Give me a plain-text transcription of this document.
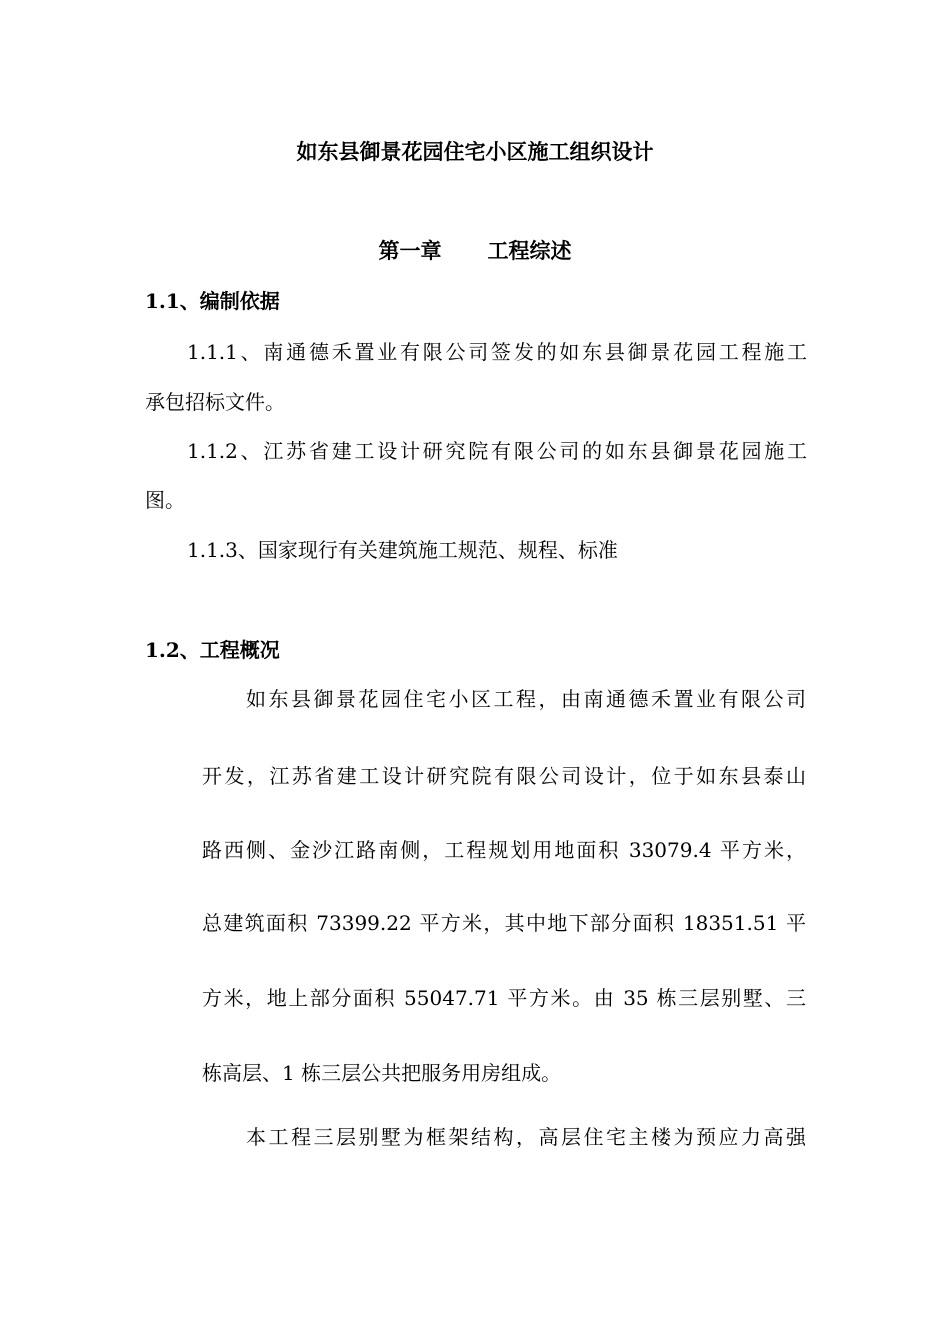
如东县御景花园住宅小区施工组织设计
第一章 工程综述
1.1、编制依据
1.1.1、南通德禾置业有限公司签发的如东县御景花园工程施工
承包招标文件。
1.1.2、江苏省建工设计研究院有限公司的如东县御景花园施工
图。
1.1.3、国家现行有关建筑施工规范、规程、标准
1.2、工程概况
如东县御景花园住宅小区工程，由南通德禾置业有限公司
开发，江苏省建工设计研究院有限公司设计，位于如东县泰山
路西侧、金沙江路南侧，工程规划用地面积 33079.4 平方米，
总建筑面积 73399.22 平方米，其中地下部分面积 18351.51 平
方米，地上部分面积 55047.71 平方米。由 35 栋三层别墅、三
栋高层、1 栋三层公共把服务用房组成。
本工程三层别墅为框架结构，高层住宅主楼为预应力高强
